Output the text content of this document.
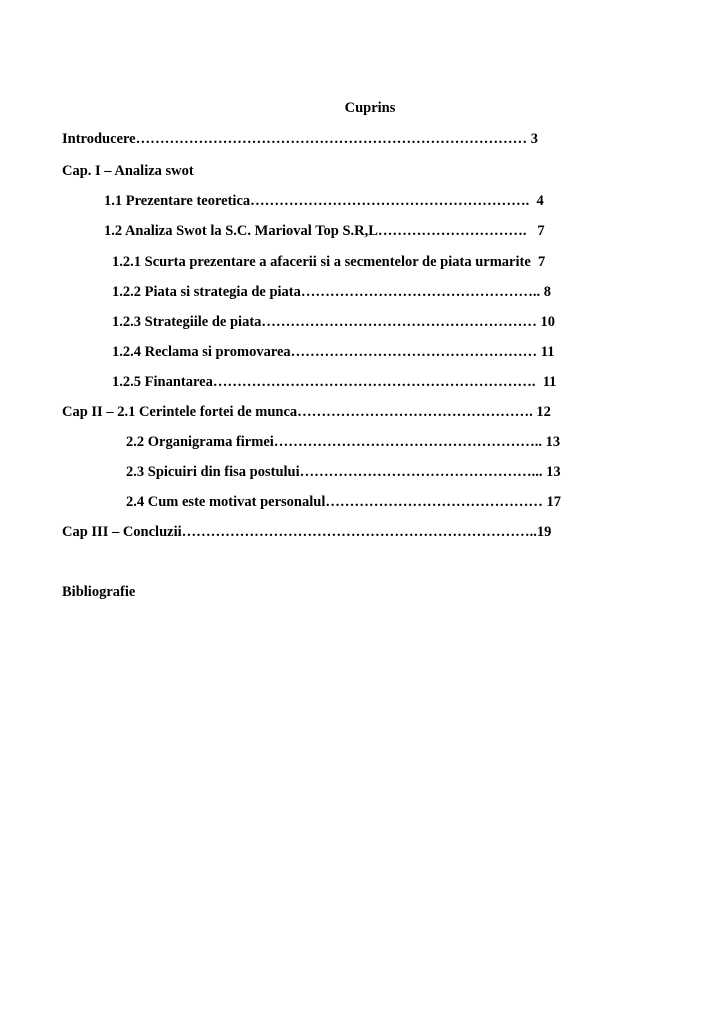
Cuprins
Introducere……………………………………………………………………… 3
Cap. I – Analiza swot
1.1 Prezentare teoretica………………………………………………….  4
1.2 Analiza Swot la S.C. Marioval Top S.R,L………………………….   7
1.2.1 Scurta prezentare a afacerii si a secmentelor de piata urmarite  7
1.2.2 Piata si strategia de piata………………………………………….. 8
1.2.3 Strategiile de piata………………………………………………… 10
1.2.4 Reclama si promovarea…………………………………………… 11
1.2.5 Finantarea………………………………………………………….  11
Cap II – 2.1 Cerintele fortei de munca…………………………………………. 12
2.2 Organigrama firmei……………………………………………….. 13
2.3 Spicuiri din fisa postului…………………………………………... 13
2.4 Cum este motivat personalul……………………………………… 17
Cap III – Concluzii………………………………………………………………..19
Bibliografie
